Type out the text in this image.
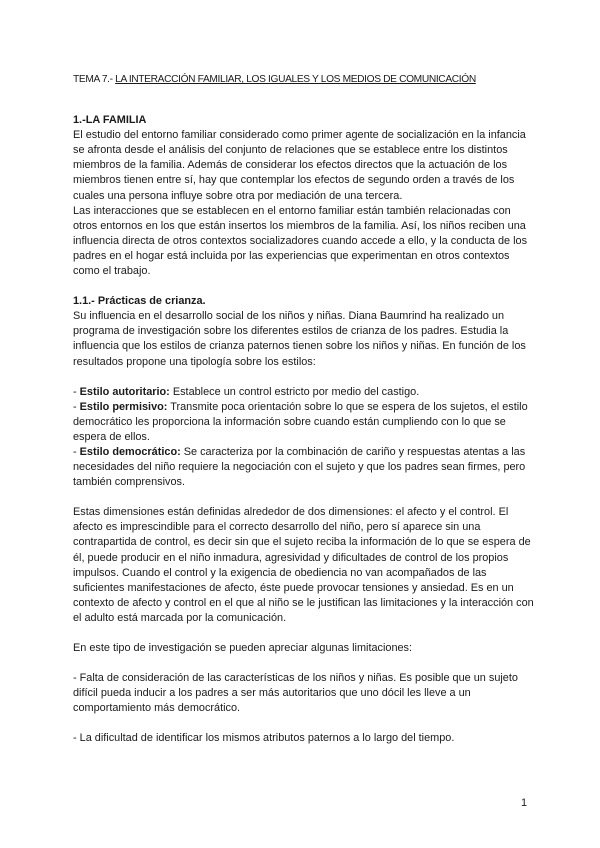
TEMA 7.- LA INTERACCIÓN FAMILIAR, LOS IGUALES Y LOS MEDIOS DE COMUNICACIÓN

1.-LA FAMILIA

El estudio del entorno familiar considerado como primer agente de socialización en la infancia se afronta desde el análisis del conjunto de relaciones que se establece entre los distintos miembros de la familia. Además de considerar los efectos directos que la actuación de los miembros tienen entre sí, hay que contemplar los efectos de segundo orden a través de los cuales una persona influye sobre otra por mediación de una tercera.

Las interacciones que se establecen en el entorno familiar están también relacionadas con otros entornos en los que están insertos los miembros de la familia. Así, los niños reciben una influencia directa de otros contextos socializadores cuando accede a ello, y la conducta de los padres en el hogar está incluida por las experiencias que experimentan en otros contextos como el trabajo.

1.1.- Prácticas de crianza.

Su influencia en el desarrollo social de los niños y niñas. Diana Baumrind ha realizado un programa de investigación sobre los diferentes estilos de crianza de los padres. Estudia la influencia que los estilos de crianza paternos tienen sobre los niños y niñas. En función de los resultados propone una tipología sobre los estilos:

- Estilo autoritario: Establece un control estricto por medio del castigo.

- Estilo permisivo: Transmite poca orientación sobre lo que se espera de los sujetos, el estilo democrático les proporciona la información sobre cuando están cumpliendo con lo que se espera de ellos.

- Estilo democrático: Se caracteriza por la combinación de cariño y respuestas atentas a las necesidades del niño requiere la negociación con el sujeto y que los padres sean firmes, pero también comprensivos.

Estas dimensiones están definidas alrededor de dos dimensiones: el afecto y el control. El afecto es imprescindible para el correcto desarrollo del niño, pero sí aparece sin una contrapartida de control, es decir sin que el sujeto reciba la información de lo que se espera de él, puede producir en el niño inmadura, agresividad y dificultades de control de los propios impulsos. Cuando el control y la exigencia de obediencia no van acompañados de las suficientes manifestaciones de afecto, éste puede provocar tensiones y ansiedad. Es en un contexto de afecto y control en el que al niño se le justifican las limitaciones y la interacción con el adulto está marcada por la comunicación.

En este tipo de investigación se pueden apreciar algunas limitaciones:

- Falta de consideración de las características de los niños y niñas. Es posible que un sujeto difícil pueda inducir a los padres a ser más autoritarios que uno dócil les lleve a un comportamiento más democrático.

- La dificultad de identificar los mismos atributos paternos a lo largo del tiempo.

1
